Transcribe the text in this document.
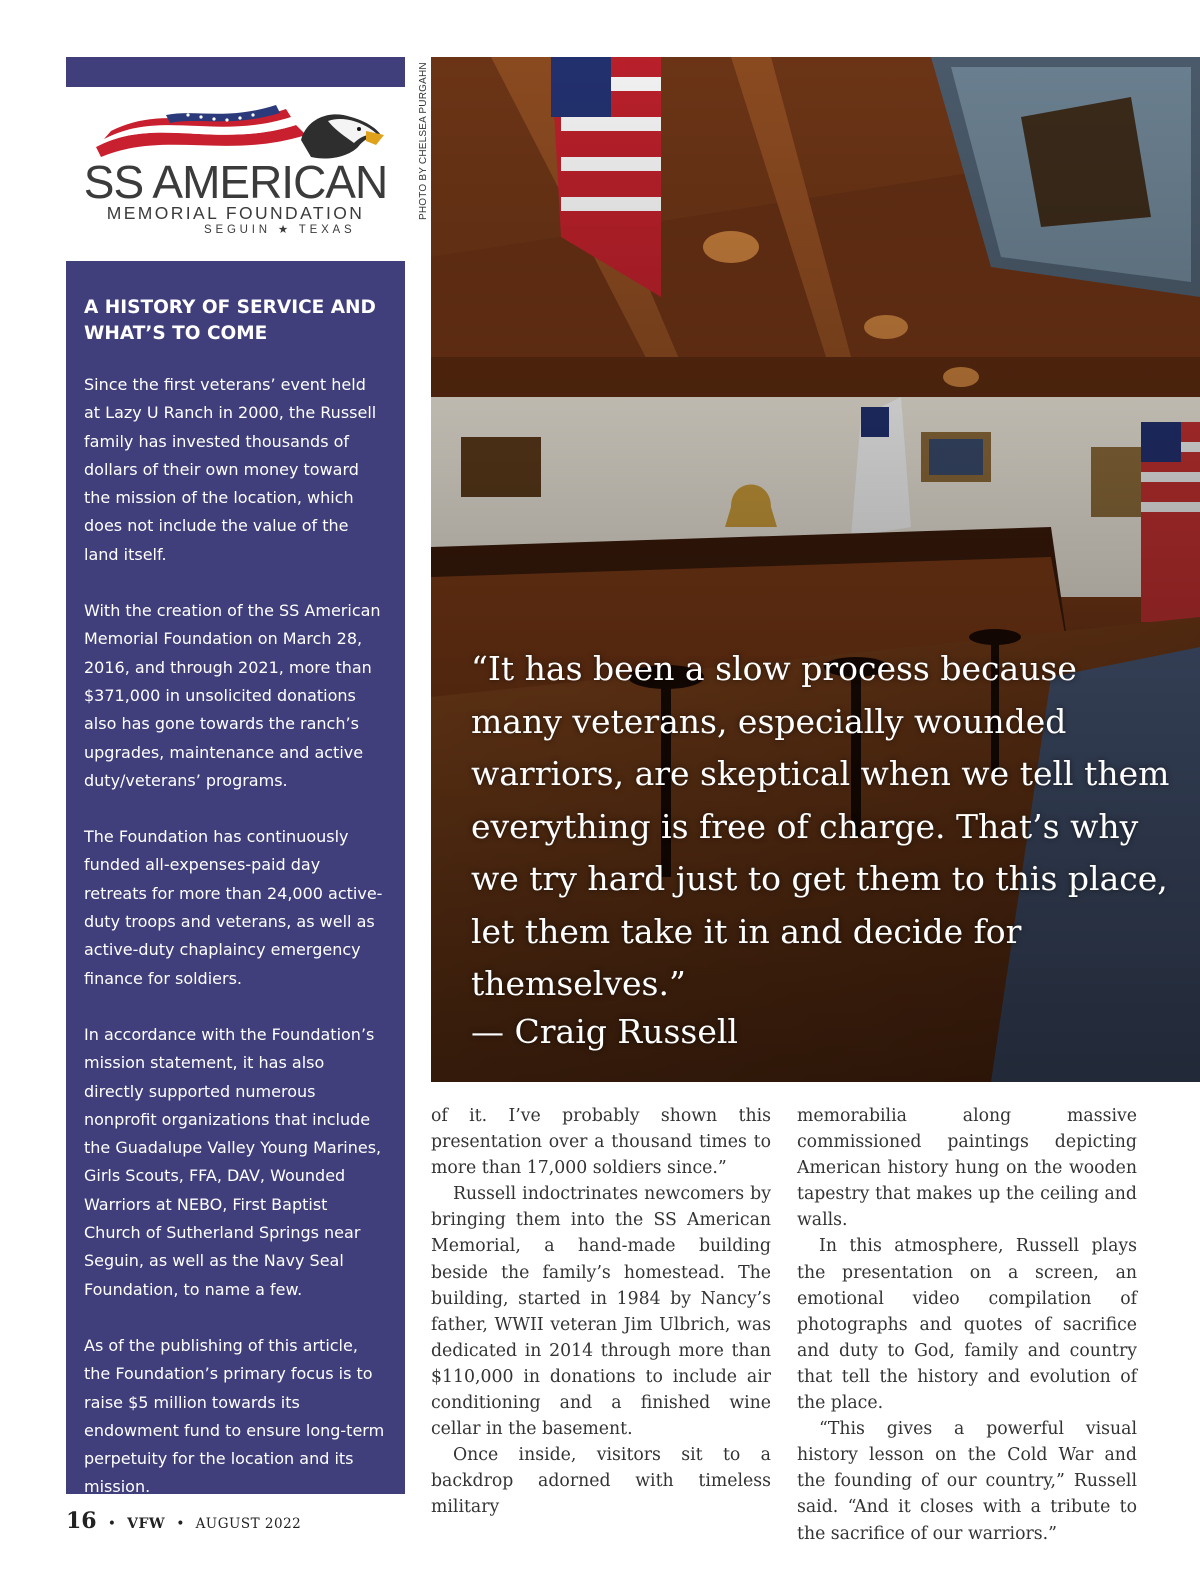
SS AMERICAN
MEMORIAL FOUNDATION
SEGUIN ★ TEXAS
A HISTORY OF SERVICE AND WHAT’S TO COME

Since the first veterans’ event held at Lazy U Ranch in 2000, the Russell family has invested thousands of dollars of their own money toward the mission of the location, which does not include the value of the land itself.

With the creation of the SS American Memorial Foundation on March 28, 2016, and through 2021, more than $371,000 in unsolicited donations also has gone towards the ranch’s upgrades, maintenance and active duty/veterans’ programs.

The Foundation has continuously funded all-expenses-paid day retreats for more than 24,000 active-duty troops and veterans, as well as active-duty chaplaincy emergency finance for soldiers.

In accordance with the Foundation’s mission statement, it has also directly supported numerous nonprofit organizations that include the Guadalupe Valley Young Marines, Girls Scouts, FFA, DAV, Wounded Warriors at NEBO, First Baptist Church of Sutherland Springs near Seguin, as well as the Navy Seal Foundation, to name a few.

As of the publishing of this article, the Foundation’s primary focus is to raise $5 million towards its endowment fund to ensure long-term perpetuity for the location and its mission.

PHOTO BY CHELSEA PURGAHN
“It has been a slow process because many veterans, especially wounded warriors, are skeptical when we tell them everything is free of charge. That’s why we try hard just to get them to this place, let them take it in and decide for themselves.”
— Craig Russell

of it. I’ve probably shown this presentation over a thousand times to more than 17,000 soldiers since.”

Russell indoctrinates newcomers by bringing them into the SS American Memorial, a hand-made building beside the family’s homestead. The building, started in 1984 by Nancy’s father, WWII veteran Jim Ulbrich, was dedicated in 2014 through more than $110,000 in donations to include air conditioning and a finished wine cellar in the basement.

Once inside, visitors sit to a backdrop adorned with timeless military

memorabilia along massive commissioned paintings depicting American history hung on the wooden tapestry that makes up the ceiling and walls.

In this atmosphere, Russell plays the presentation on a screen, an emotional video compilation of photographs and quotes of sacrifice and duty to God, family and country that tell the history and evolution of the place.

“This gives a powerful visual history lesson on the Cold War and the founding of our country,” Russell said. “And it closes with a tribute to the sacrifice of our warriors.”

16 • VFW • AUGUST 2022
